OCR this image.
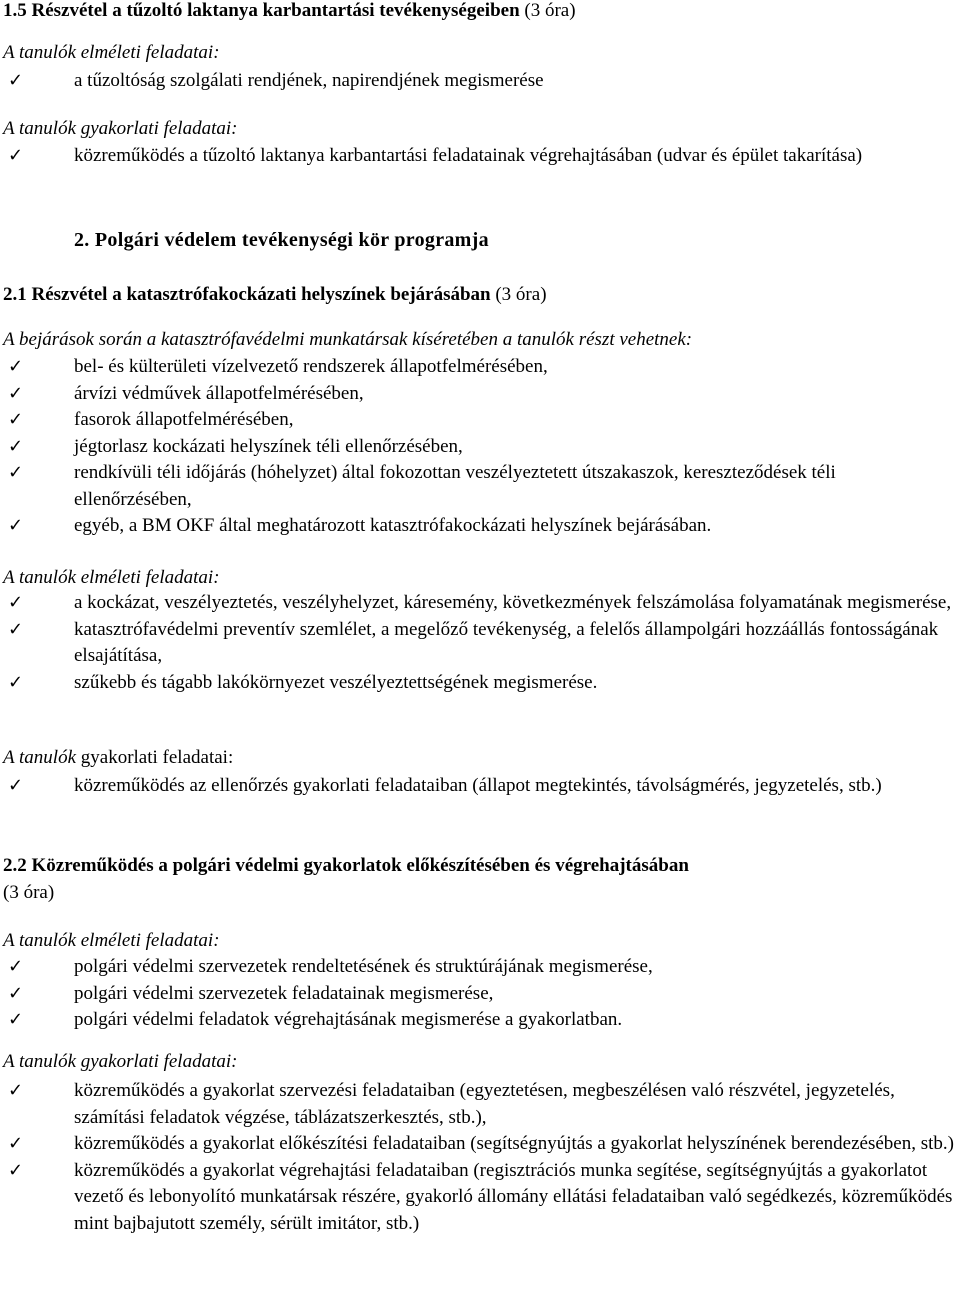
1.5 Részvétel a tűzoltó laktanya karbantartási tevékenységeiben (3 óra)
A tanulók elméleti feladatai:
✓	a tűzoltóság szolgálati rendjének, napirendjének megismerése
A tanulók gyakorlati feladatai:
✓	közreműködés a tűzoltó laktanya karbantartási feladatainak végrehajtásában (udvar és épület takarítása)
2. Polgári védelem tevékenységi kör programja
2.1 Részvétel a katasztrófakockázati helyszínek bejárásában (3 óra)
A bejárások során a katasztrófavédelmi munkatársak kíséretében a tanulók részt vehetnek:
✓	bel- és külterületi vízelvezető rendszerek állapotfelmérésében,
✓	árvízi védművek állapotfelmérésében,
✓	fasorok állapotfelmérésében,
✓	jégtorlasz kockázati helyszínek téli ellenőrzésében,
✓	rendkívüli téli időjárás (hóhelyzet) által fokozottan veszélyeztetett útszakaszok, kereszteződések téli ellenőrzésében,
✓	egyéb, a BM OKF által meghatározott katasztrófakockázati helyszínek bejárásában.
A tanulók elméleti feladatai:
✓	a kockázat, veszélyeztetés, veszélyhelyzet, káresemény, következmények felszámolása folyamatának megismerése,
✓	katasztrófavédelmi preventív szemlélet, a megelőző tevékenység, a felelős állampolgári hozzáállás fontosságának elsajátítása,
✓	szűkebb és tágabb lakókörnyezet veszélyeztettségének megismerése.
A tanulók gyakorlati feladatai:
✓	közreműködés az ellenőrzés gyakorlati feladataiban (állapot megtekintés, távolságmérés, jegyzetelés, stb.)
2.2 Közreműködés a polgári védelmi gyakorlatok előkészítésében és végrehajtásában
(3 óra)
A tanulók elméleti feladatai:
✓	polgári védelmi szervezetek rendeltetésének és struktúrájának megismerése,
✓	polgári védelmi szervezetek feladatainak megismerése,
✓	polgári védelmi feladatok végrehajtásának megismerése a gyakorlatban.
A tanulók gyakorlati feladatai:
✓	közreműködés a gyakorlat szervezési feladataiban (egyeztetésen, megbeszélésen való részvétel, jegyzetelés, számítási feladatok végzése, táblázatszerkesztés, stb.),
✓	közreműködés a gyakorlat előkészítési feladataiban (segítségnyújtás a gyakorlat helyszínének berendezésében, stb.)
✓	közreműködés a gyakorlat végrehajtási feladataiban (regisztrációs munka segítése, segítségnyújtás a gyakorlatot vezető és lebonyolító munkatársak részére, gyakorló állomány ellátási feladataiban való segédkezés, közreműködés mint bajbajutott személy, sérült imitátor, stb.)
